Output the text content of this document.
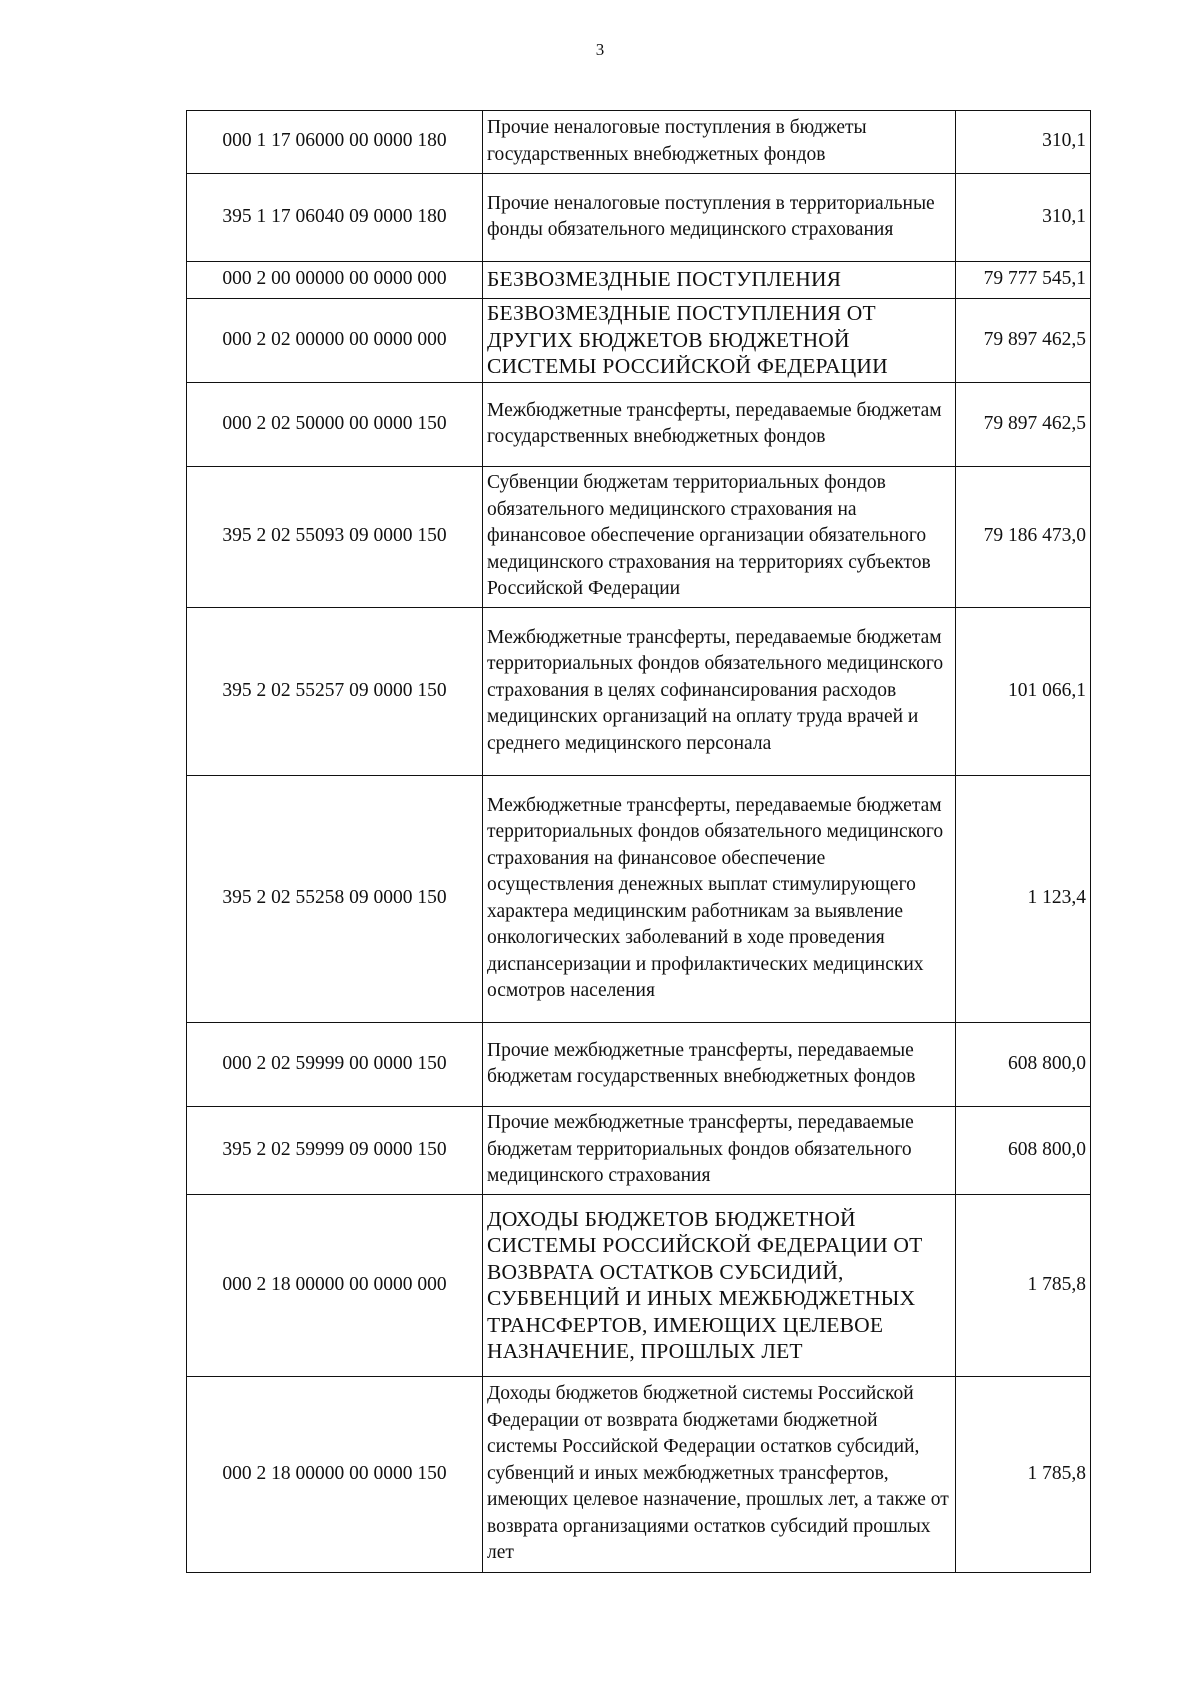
3
000 1 17 06000 00 0000 180	Прочие неналоговые поступления в бюджеты государственных внебюджетных фондов	310,1
395 1 17 06040 09 0000 180	Прочие неналоговые поступления в территориальные фонды обязательного медицинского страхования	310,1
000 2 00 00000 00 0000 000	БЕЗВОЗМЕЗДНЫЕ ПОСТУПЛЕНИЯ	79 777 545,1
000 2 02 00000 00 0000 000	БЕЗВОЗМЕЗДНЫЕ ПОСТУПЛЕНИЯ ОТ ДРУГИХ БЮДЖЕТОВ БЮДЖЕТНОЙ СИСТЕМЫ РОССИЙСКОЙ ФЕДЕРАЦИИ	79 897 462,5
000 2 02 50000 00 0000 150	Межбюджетные трансферты, передаваемые бюджетам государственных внебюджетных фондов	79 897 462,5
395 2 02 55093 09 0000 150	Субвенции бюджетам территориальных фондов обязательного медицинского страхования на финансовое обеспечение организации обязательного медицинского страхования на территориях субъектов Российской Федерации	79 186 473,0
395 2 02 55257 09 0000 150	Межбюджетные трансферты, передаваемые бюджетам территориальных фондов обязательного медицинского страхования в целях софинансирования расходов медицинских организаций на оплату труда врачей и среднего медицинского персонала	101 066,1
395 2 02 55258 09 0000 150	Межбюджетные трансферты, передаваемые бюджетам территориальных фондов обязательного медицинского страхования на финансовое обеспечение осуществления денежных выплат стимулирующего характера медицинским работникам за выявление онкологических заболеваний в ходе проведения диспансеризации и профилактических медицинских осмотров населения	1 123,4
000 2 02 59999 00 0000 150	Прочие межбюджетные трансферты, передаваемые бюджетам государственных внебюджетных фондов	608 800,0
395 2 02 59999 09 0000 150	Прочие межбюджетные трансферты, передаваемые бюджетам территориальных фондов обязательного медицинского страхования	608 800,0
000 2 18 00000 00 0000 000	ДОХОДЫ БЮДЖЕТОВ БЮДЖЕТНОЙ СИСТЕМЫ РОССИЙСКОЙ ФЕДЕРАЦИИ ОТ ВОЗВРАТА ОСТАТКОВ СУБСИДИЙ, СУБВЕНЦИЙ И ИНЫХ МЕЖБЮДЖЕТНЫХ ТРАНСФЕРТОВ, ИМЕЮЩИХ ЦЕЛЕВОЕ НАЗНАЧЕНИЕ, ПРОШЛЫХ ЛЕТ	1 785,8
000 2 18 00000 00 0000 150	Доходы бюджетов бюджетной системы Российской Федерации от возврата бюджетами бюджетной системы Российской Федерации остатков субсидий, субвенций и иных межбюджетных трансфертов, имеющих целевое назначение, прошлых лет, а также от возврата организациями остатков субсидий прошлых лет	1 785,8
